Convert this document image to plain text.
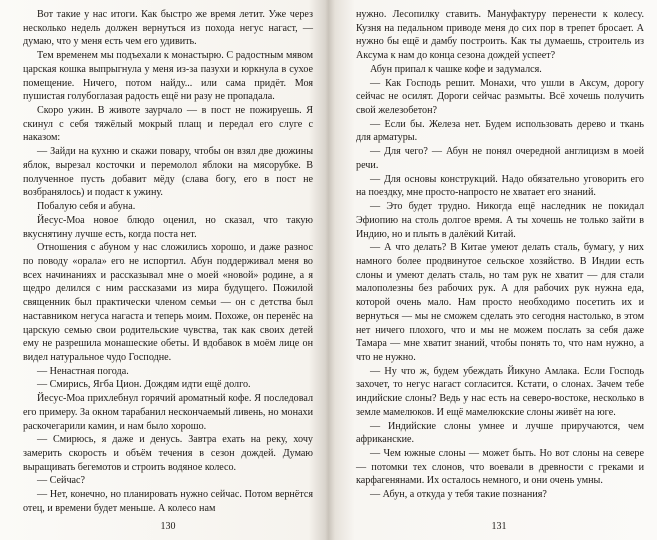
Вот такие у нас итоги. Как быстро же время летит. Уже через несколько недель должен вернуться из похода негус нагаст, — думаю, что у меня есть чем его удивить.

Тем временем мы подъехали к монастырю. С радостным мявом царская кошка выпрыгнула у меня из-за пазухи и юркнула в сухое помещение. Ничего, потом найду... или сама придёт. Моя пушистая голубоглазая радость ещё ни разу не пропадала.

Скоро ужин. В животе заурчало — в пост не пожируешь. Я скинул с себя тяжёлый мокрый плащ и передал его слуге с наказом:

— Зайди на кухню и скажи повару, чтобы он взял две дюжины яблок, вырезал косточки и перемолол яблоки на мясорубке. В полученное пусть добавит мёду (слава богу, его в пост не возбранялось) и подаст к ужину.

Побалую себя и абуна.

Йесус-Моа новое блюдо оценил, но сказал, что такую вкуснятину лучше есть, когда поста нет.

Отношения с абуном у нас сложились хорошо, и даже разнос по поводу «орала» его не испортил. Абун поддерживал меня во всех начинаниях и рассказывал мне о моей «новой» родине, а я щедро делился с ним рассказами из мира будущего. Пожилой священник был практически членом семьи — он с детства был наставником негуса нагаста и теперь моим. Похоже, он перенёс на царскую семью свои родительские чувства, так как своих детей ему не разрешила монашеские обеты. И вдобавок в моём лице он видел натуральное чудо Господне.

— Ненастная погода.

— Смирись, Ягба Цион. Дождям идти ещё долго.

Йесус-Моа прихлебнул горячий ароматный кофе. Я последовал его примеру. За окном тарабанил нескончаемый ливень, но монахи раскочегарили камин, и нам было хорошо.

— Смирюсь, я даже и денусь. Завтра ехать на реку, хочу замерить скорость и объём течения в сезон дождей. Думаю выращивать бегемотов и строить водяное колесо.

— Сейчас?

— Нет, конечно, но планировать нужно сейчас. Потом вернётся отец, и времени будет меньше. А колесо нам

130

нужно. Лесопилку ставить. Мануфактуру перенести к колесу. Кузня на педальном приводе меня до сих пор в трепет бросает. А нужно бы ещё и дамбу построить. Как ты думаешь, строитель из Аксума к нам до конца сезона дождей успеет?

Абун припал к чашке кофе и задумался.

— Как Господь решит. Монахи, что ушли в Аксум, дорогу сейчас не осилят. Дороги сейчас размыты. Всё хочешь получить свой железобетон?

— Если бы. Железа нет. Будем использовать дерево и ткань для арматуры.

— Для чего? — Абун не понял очередной англицизм в моей речи.

— Для основы конструкций. Надо обязательно уговорить его на поездку, мне просто-напросто не хватает его знаний.

— Это будет трудно. Никогда ещё наследник не покидал Эфиопию на столь долгое время. А ты хочешь не только зайти в Индию, но и плыть в далёкий Китай.

— А что делать? В Китае умеют делать сталь, бумагу, у них намного более продвинутое сельское хозяйство. В Индии есть слоны и умеют делать сталь, но там рук не хватит — для стали малополезны без рабочих рук. А для рабочих рук нужна еда, которой очень мало. Нам просто необходимо посетить их и вернуться — мы не сможем сделать это сегодня настолько, в этом нет ничего плохого, что и мы не можем послать за себя даже Тамара — мне хватит знаний, чтобы понять то, что нам нужно, а что не нужно.

— Ну что ж, будем убеждать Йикуно Амлака. Если Господь захочет, то негус нагаст согласится. Кстати, о слонах. Зачем тебе индийские слоны? Ведь у нас есть на северо-востоке, несколько в земле мамелюков. И ещё мамелюкские слоны живёт на юге.

— Индийские слоны умнее и лучше приручаются, чем африканские.

— Чем южные слоны — может быть. Но вот слоны на севере — потомки тех слонов, что воевали в древности с греками и карфагенянами. Их осталось немного, и они очень умны.

— Абун, а откуда у тебя такие познания?

131
